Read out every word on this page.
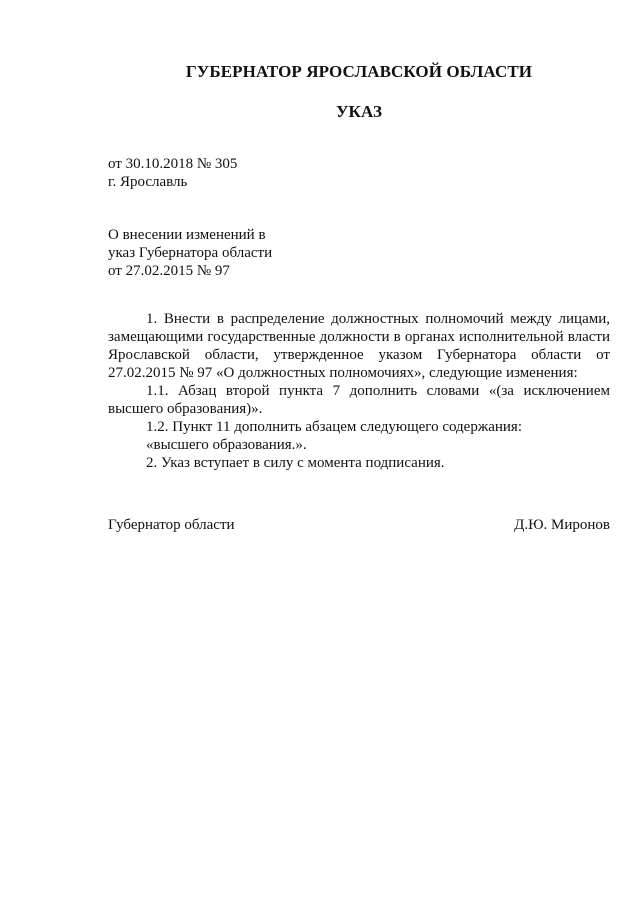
ГУБЕРНАТОР ЯРОСЛАВСКОЙ ОБЛАСТИ
УКАЗ
от 30.10.2018 № 305
г. Ярославль
О внесении изменений в
указ Губернатора области
от 27.02.2015 № 97

1. Внести в распределение должностных полномочий между лицами, замещающими государственные должности в органах исполнительной власти Ярославской области, утвержденное указом Губернатора области от 27.02.2015 № 97 «О должностных полномочиях», следующие изменения:

1.1. Абзац второй пункта 7 дополнить словами «(за исключением высшего образования)».

1.2. Пункт 11 дополнить абзацем следующего содержания:

«высшего образования.».

2. Указ вступает в силу с момента подписания.

Губернатор области	Д.Ю. Миронов
